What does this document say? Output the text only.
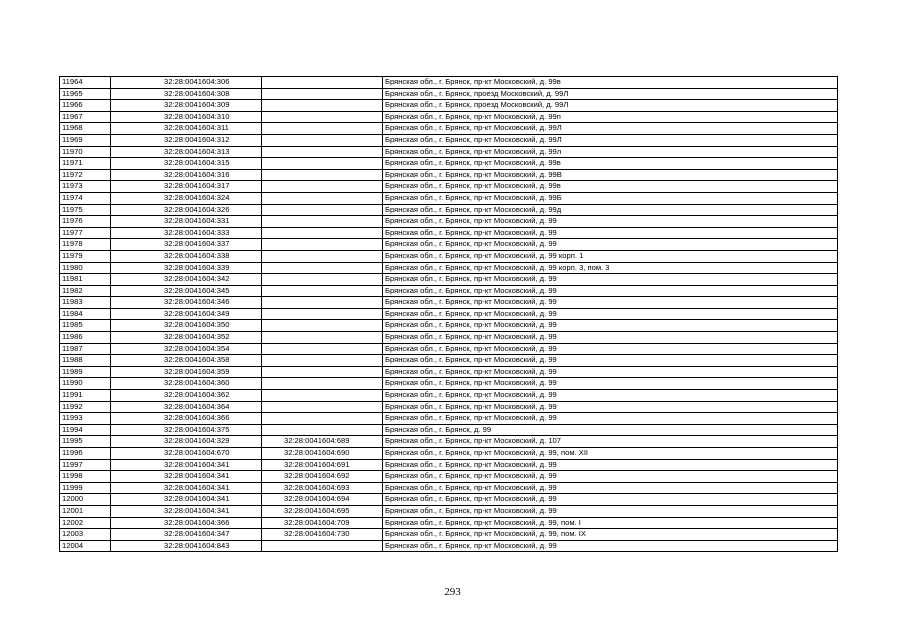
11964	32:28:0041604:306		Брянская обл., г. Брянск, пр-кт Московский, д. 99в
11965	32:28:0041604:308		Брянская обл., г. Брянск, проезд Московский, д. 99Л
11966	32:28:0041604:309		Брянская обл., г. Брянск, проезд Московский, д. 99Л
11967	32:28:0041604:310		Брянская обл., г. Брянск, пр-кт Московский, д. 99п
11968	32:28:0041604:311		Брянская обл., г. Брянск, пр-кт Московский, д. 99Л
11969	32:28:0041604:312		Брянская обл., г. Брянск, пр-кт Московский, д. 99Л
11970	32:28:0041604:313		Брянская обл., г. Брянск, пр-кт Московский, д. 99л
11971	32:28:0041604:315		Брянская обл., г. Брянск, пр-кт Московский, д. 99в
11972	32:28:0041604:316		Брянская обл., г. Брянск, пр-кт Московский, д. 99В
11973	32:28:0041604:317		Брянская обл., г. Брянск, пр-кт Московский, д. 99в
11974	32:28:0041604:324		Брянская обл., г. Брянск, пр-кт Московский, д. 99Б
11975	32:28:0041604:326		Брянская обл., г. Брянск, пр-кт Московский, д. 99д
11976	32:28:0041604:331		Брянская обл., г. Брянск, пр-кт Московский, д. 99
11977	32:28:0041604:333		Брянская обл., г. Брянск, пр-кт Московский, д. 99
11978	32:28:0041604:337		Брянская обл., г. Брянск, пр-кт Московский, д. 99
11979	32:28:0041604:338		Брянская обл., г. Брянск, пр-кт Московский, д. 99 корп. 1
11980	32:28:0041604:339		Брянская обл., г. Брянск, пр-кт Московский, д. 99 корп. 3, пом. 3
11981	32:28:0041604:342		Брянская обл., г. Брянск, пр-кт Московский, д. 99
11982	32:28:0041604:345		Брянская обл., г. Брянск, пр-кт Московский, д. 99
11983	32:28:0041604:346		Брянская обл., г. Брянск, пр-кт Московский, д. 99
11984	32:28:0041604:349		Брянская обл., г. Брянск, пр-кт Московский, д. 99
11985	32:28:0041604:350		Брянская обл., г. Брянск, пр-кт Московский, д. 99
11986	32:28:0041604:352		Брянская обл., г. Брянск, пр-кт Московский, д. 99
11987	32:28:0041604:354		Брянская обл., г. Брянск, пр-кт Московский, д. 99
11988	32:28:0041604:358		Брянская обл., г. Брянск, пр-кт Московский, д. 99
11989	32:28:0041604:359		Брянская обл., г. Брянск, пр-кт Московский, д. 99
11990	32:28:0041604:360		Брянская обл., г. Брянск, пр-кт Московский, д. 99
11991	32:28:0041604:362		Брянская обл., г. Брянск, пр-кт Московский, д. 99
11992	32:28:0041604:364		Брянская обл., г. Брянск, пр-кт Московский, д. 99
11993	32:28:0041604:366		Брянская обл., г. Брянск, пр-кт Московский, д. 99
11994	32:28:0041604:375		Брянская обл., г. Брянск, д. 99
11995	32:28:0041604:329	32:28:0041604:689	Брянская обл., г. Брянск, пр-кт Московский, д. 107
11996	32:28:0041604:670	32:28:0041604:690	Брянская обл., г. Брянск, пр-кт Московский, д. 99, пом. XII
11997	32:28:0041604:341	32:28:0041604:691	Брянская обл., г. Брянск, пр-кт Московский, д. 99
11998	32:28:0041604:341	32:28:0041604:692	Брянская обл., г. Брянск, пр-кт Московский, д. 99
11999	32:28:0041604:341	32:28:0041604:693	Брянская обл., г. Брянск, пр-кт Московский, д. 99
12000	32:28:0041604:341	32:28:0041604:694	Брянская обл., г. Брянск, пр-кт Московский, д. 99
12001	32:28:0041604:341	32:28:0041604:695	Брянская обл., г. Брянск, пр-кт Московский, д. 99
12002	32:28:0041604:366	32:28:0041604:709	Брянская обл., г. Брянск, пр-кт Московский, д. 99, пом. I
12003	32:28:0041604:347	32:28:0041604:730	Брянская обл., г. Брянск, пр-кт Московский, д. 99, пом. IX
12004	32:28:0041604:843		Брянская обл., г. Брянск, пр-кт Московский, д. 99
293
